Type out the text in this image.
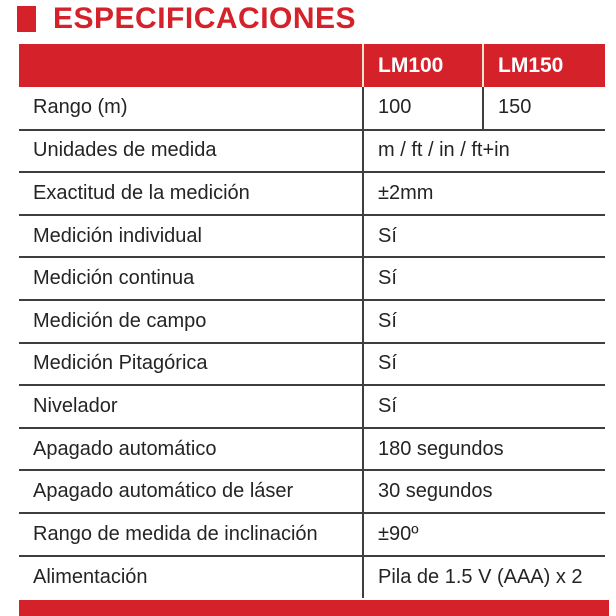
ESPECIFICACIONES
	LM100	LM150
Rango (m)	100	150
Unidades de medida	m / ft / in / ft+in	
Exactitud de la medición	±2mm	
Medición individual	Sí	
Medición continua	Sí	
Medición de campo	Sí	
Medición Pitagórica	Sí	
Nivelador	Sí	
Apagado automático	180 segundos	
Apagado automático de láser	30 segundos	
Rango de medida de inclinación	±90º	
Alimentación	Pila de 1.5 V (AAA) x 2	
